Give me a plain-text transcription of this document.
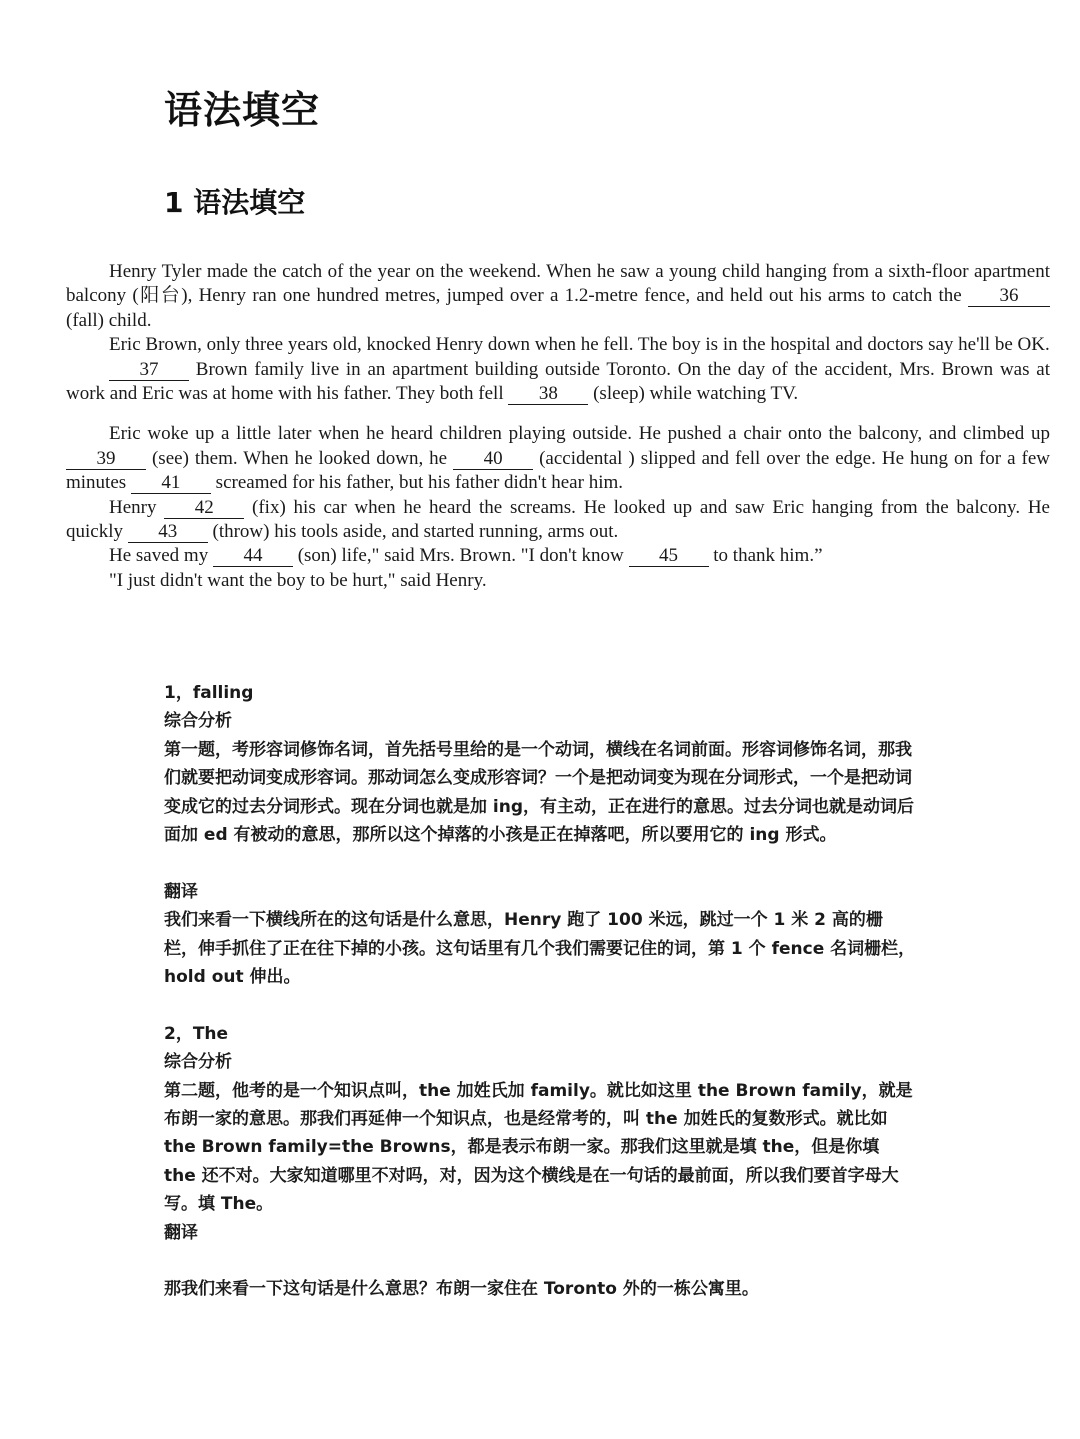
语法填空
1 语法填空

Henry Tyler made the catch of the year on the weekend. When he saw a young child hanging from a sixth-floor apartment balcony (阳台), Henry ran one hundred metres, jumped over a 1.2-metre fence, and held out his arms to catch the 36 (fall) child.

Eric Brown, only three years old, knocked Henry down when he fell. The boy is in the hospital and doctors say he'll be OK.

37 Brown family live in an apartment building outside Toronto. On the day of the accident, Mrs. Brown was at work and Eric was at home with his father. They both fell 38 (sleep) while watching TV.

Eric woke up a little later when he heard children playing outside. He pushed a chair onto the balcony, and climbed up 39 (see) them. When he looked down, he 40 (accidental ) slipped and fell over the edge. He hung on for a few minutes 41 screamed for his father, but his father didn't hear him.

Henry 42 (fix) his car when he heard the screams. He looked up and saw Eric hanging from the balcony. He quickly 43 (throw) his tools aside, and started running, arms out.

He saved my 44 (son) life," said Mrs. Brown. "I don't know 45 to thank him.”

"I just didn't want the boy to be hurt," said Henry.

1，falling

综合分析

第一题，考形容词修饰名词，首先括号里给的是一个动词，横线在名词前面。形容词修饰名词，那我们就要把动词变成形容词。那动词怎么变成形容词？一个是把动词变为现在分词形式，一个是把动词变成它的过去分词形式。现在分词也就是加 ing，有主动，正在进行的意思。过去分词也就是动词后面加 ed 有被动的意思，那所以这个掉落的小孩是正在掉落吧，所以要用它的 ing 形式。

翻译

我们来看一下横线所在的这句话是什么意思，Henry 跑了 100 米远，跳过一个 1 米 2 高的栅栏，伸手抓住了正在往下掉的小孩。这句话里有几个我们需要记住的词，第 1 个 fence 名词栅栏， hold out 伸出。

2，The

综合分析

第二题，他考的是一个知识点叫，the 加姓氏加 family。就比如这里 the Brown family，就是布朗一家的意思。那我们再延伸一个知识点，也是经常考的，叫 the 加姓氏的复数形式。就比如 the Brown family=the Browns，都是表示布朗一家。那我们这里就是填 the，但是你填 the 还不对。大家知道哪里不对吗，对，因为这个横线是在一句话的最前面，所以我们要首字母大写。填 The。

翻译

那我们来看一下这句话是什么意思？布朗一家住在 Toronto 外的一栋公寓里。
